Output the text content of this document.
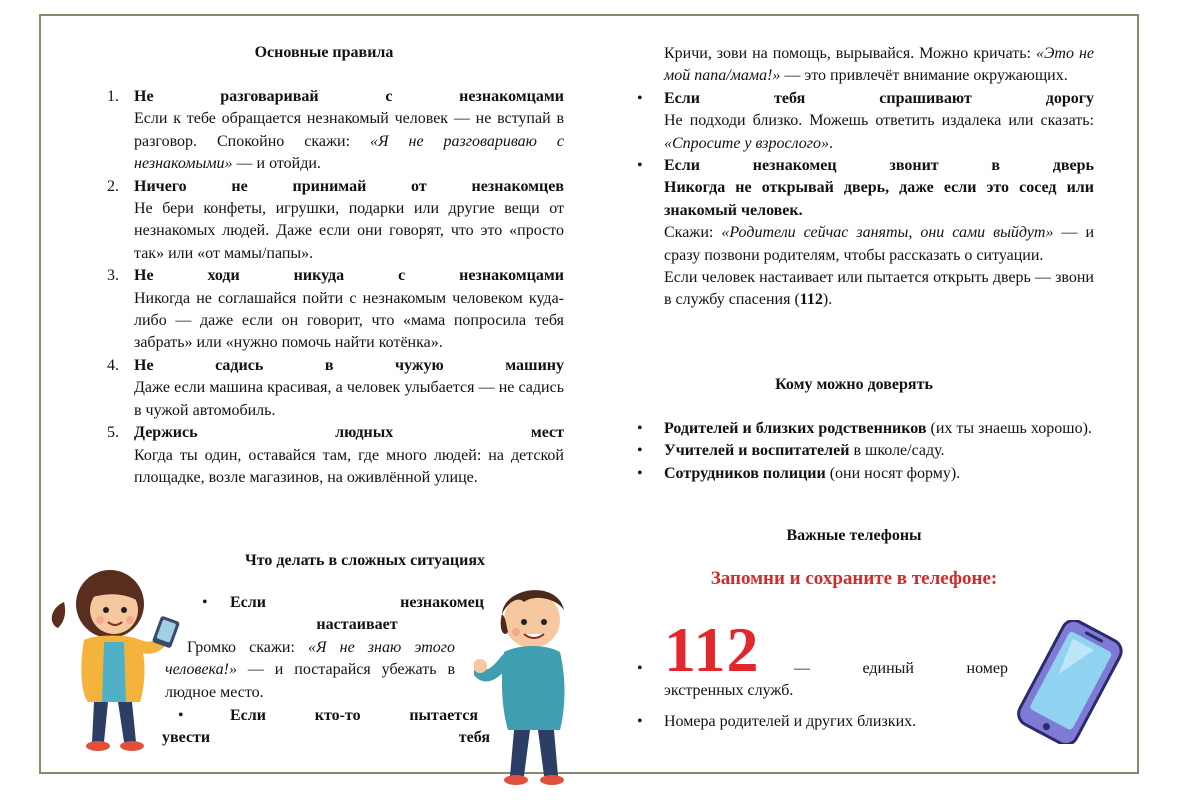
Основные правила
1. Не разговаривай с незнакомцами
Если к тебе обращается незнакомый человек — не вступай в разговор. Спокойно скажи: «Я не разговариваю с незнакомыми» — и отойди.
2. Ничего не принимай от незнакомцев
Не бери конфеты, игрушки, подарки или другие вещи от незнакомых людей. Даже если они говорят, что это «просто так» или «от мамы/папы».
3. Не ходи никуда с незнакомцами
Никогда не соглашайся пойти с незнакомым человеком куда-либо — даже если он говорит, что «мама попросила тебя забрать» или «нужно помочь найти котёнка».
4. Не садись в чужую машину
Даже если машина красивая, а человек улыбается — не садись в чужой автомобиль.
5. Держись людных мест
Когда ты один, оставайся там, где много людей: на детской площадке, возле магазинов, на оживлённой улице.
Что делать в сложных ситуациях
• Если незнакомец
настаивает
Громко скажи: «Я не знаю этого человека!» — и постарайся убежать в людное место.
•	Если кто-то пытается
увести тебя
Кричи, зови на помощь, вырывайся. Можно кричать: «Это не мой папа/мама!» — это привлечёт внимание окружающих.
• Если тебя спрашивают дорогу
Не подходи близко. Можешь ответить издалека или сказать: «Спросите у взрослого».
• Если незнакомец звонит в дверь
Никогда не открывай дверь, даже если это сосед или знакомый человек.
Скажи: «Родители сейчас заняты, они сами выйдут» — и сразу позвони родителям, чтобы рассказать о ситуации.
Если человек настаивает или пытается открыть дверь — звони в службу спасения (112).
Кому можно доверять
• Родителей и близких родственников (их ты знаешь хорошо).
• Учителей и воспитателей в школе/саду.
• Сотрудников полиции (они носят форму).
Важные телефоны
Запомни и сохраните в телефоне:
• 112 —	единый	номер
экстренных служб.
• Номера родителей и других близких.
